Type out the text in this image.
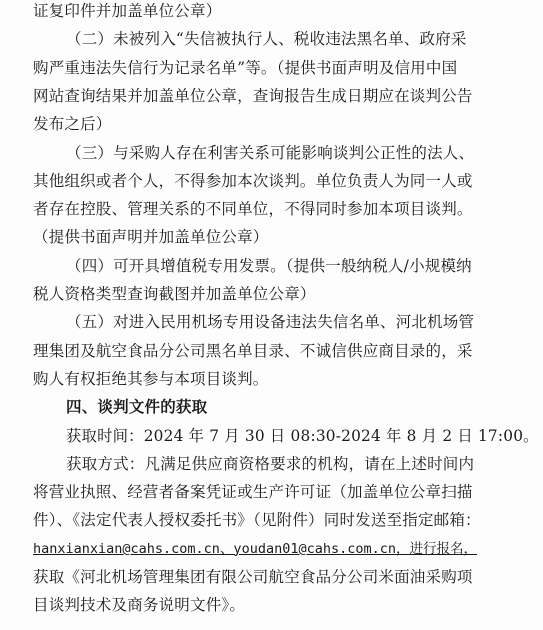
证复印件并加盖单位公章）
（二）未被列入“失信被执行人、税收违法黑名单、政府采
购严重违法失信行为记录名单”等。（提供书面声明及信用中国
网站查询结果并加盖单位公章，查询报告生成日期应在谈判公告
发布之后）
（三）与采购人存在利害关系可能影响谈判公正性的法人、
其他组织或者个人，不得参加本次谈判。单位负责人为同一人或
者存在控股、管理关系的不同单位，不得同时参加本项目谈判。
（提供书面声明并加盖单位公章）
（四）可开具增值税专用发票。（提供一般纳税人/小规模纳
税人资格类型查询截图并加盖单位公章）
（五）对进入民用机场专用设备违法失信名单、河北机场管
理集团及航空食品分公司黑名单目录、不诚信供应商目录的，采
购人有权拒绝其参与本项目谈判。
四、谈判文件的获取
获取时间：2024 年 7 月 30 日 08:30-2024 年 8 月 2 日 17:00。
获取方式：凡满足供应商资格要求的机构，请在上述时间内
将营业执照、经营者备案凭证或生产许可证（加盖单位公章扫描
件）、《法定代表人授权委托书》（见附件）同时发送至指定邮箱：
hanxianxian@cahs.com.cn、youdan01@cahs.com.cn，进行报名，
获取《河北机场管理集团有限公司航空食品分公司米面油采购项
目谈判技术及商务说明文件》。
